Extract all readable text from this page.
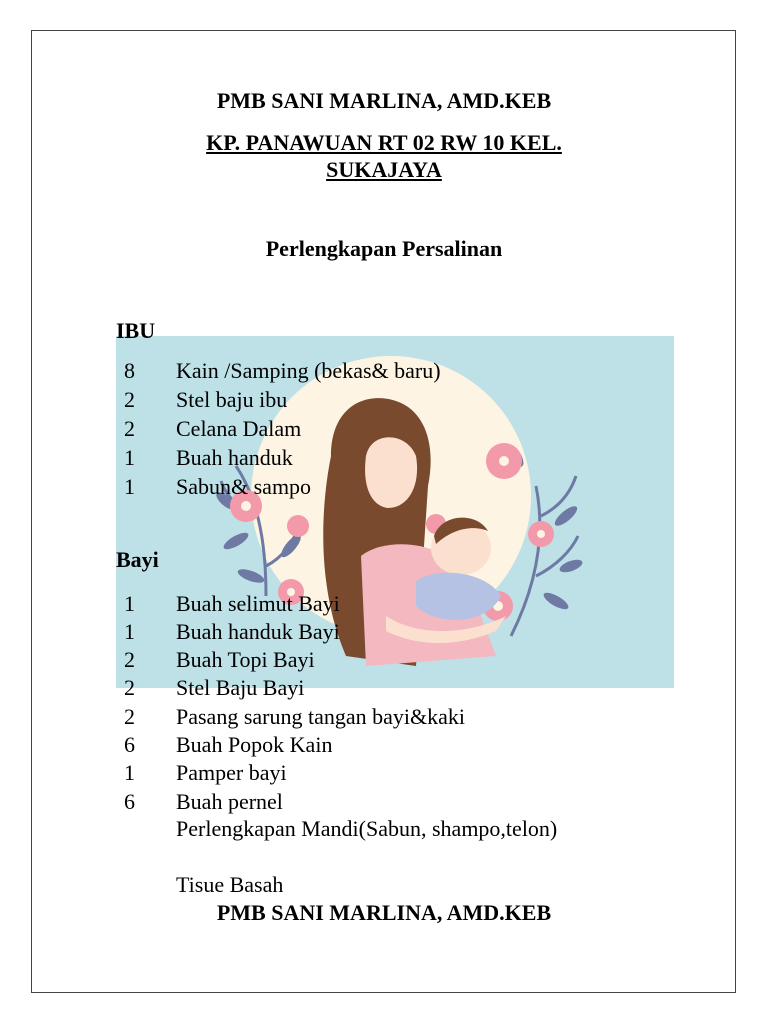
PMB SANI MARLINA, AMD.KEB
KP. PANAWUAN RT 02 RW 10 KEL.
SUKAJAYA
Perlengkapan Persalinan
IBU
8	Kain /Samping (bekas& baru)
2	Stel baju ibu
2	Celana Dalam
1	Buah handuk
1	Sabun& sampo
Bayi
1	Buah selimut Bayi
1	Buah handuk Bayi
2	Buah Topi Bayi
2	Stel Baju Bayi
2	Pasang sarung tangan bayi&kaki
6	Buah Popok Kain
1	Pamper bayi
6	Buah pernel
Perlengkapan Mandi(Sabun, shampo,telon)
Tisue Basah
PMB SANI MARLINA, AMD.KEB
